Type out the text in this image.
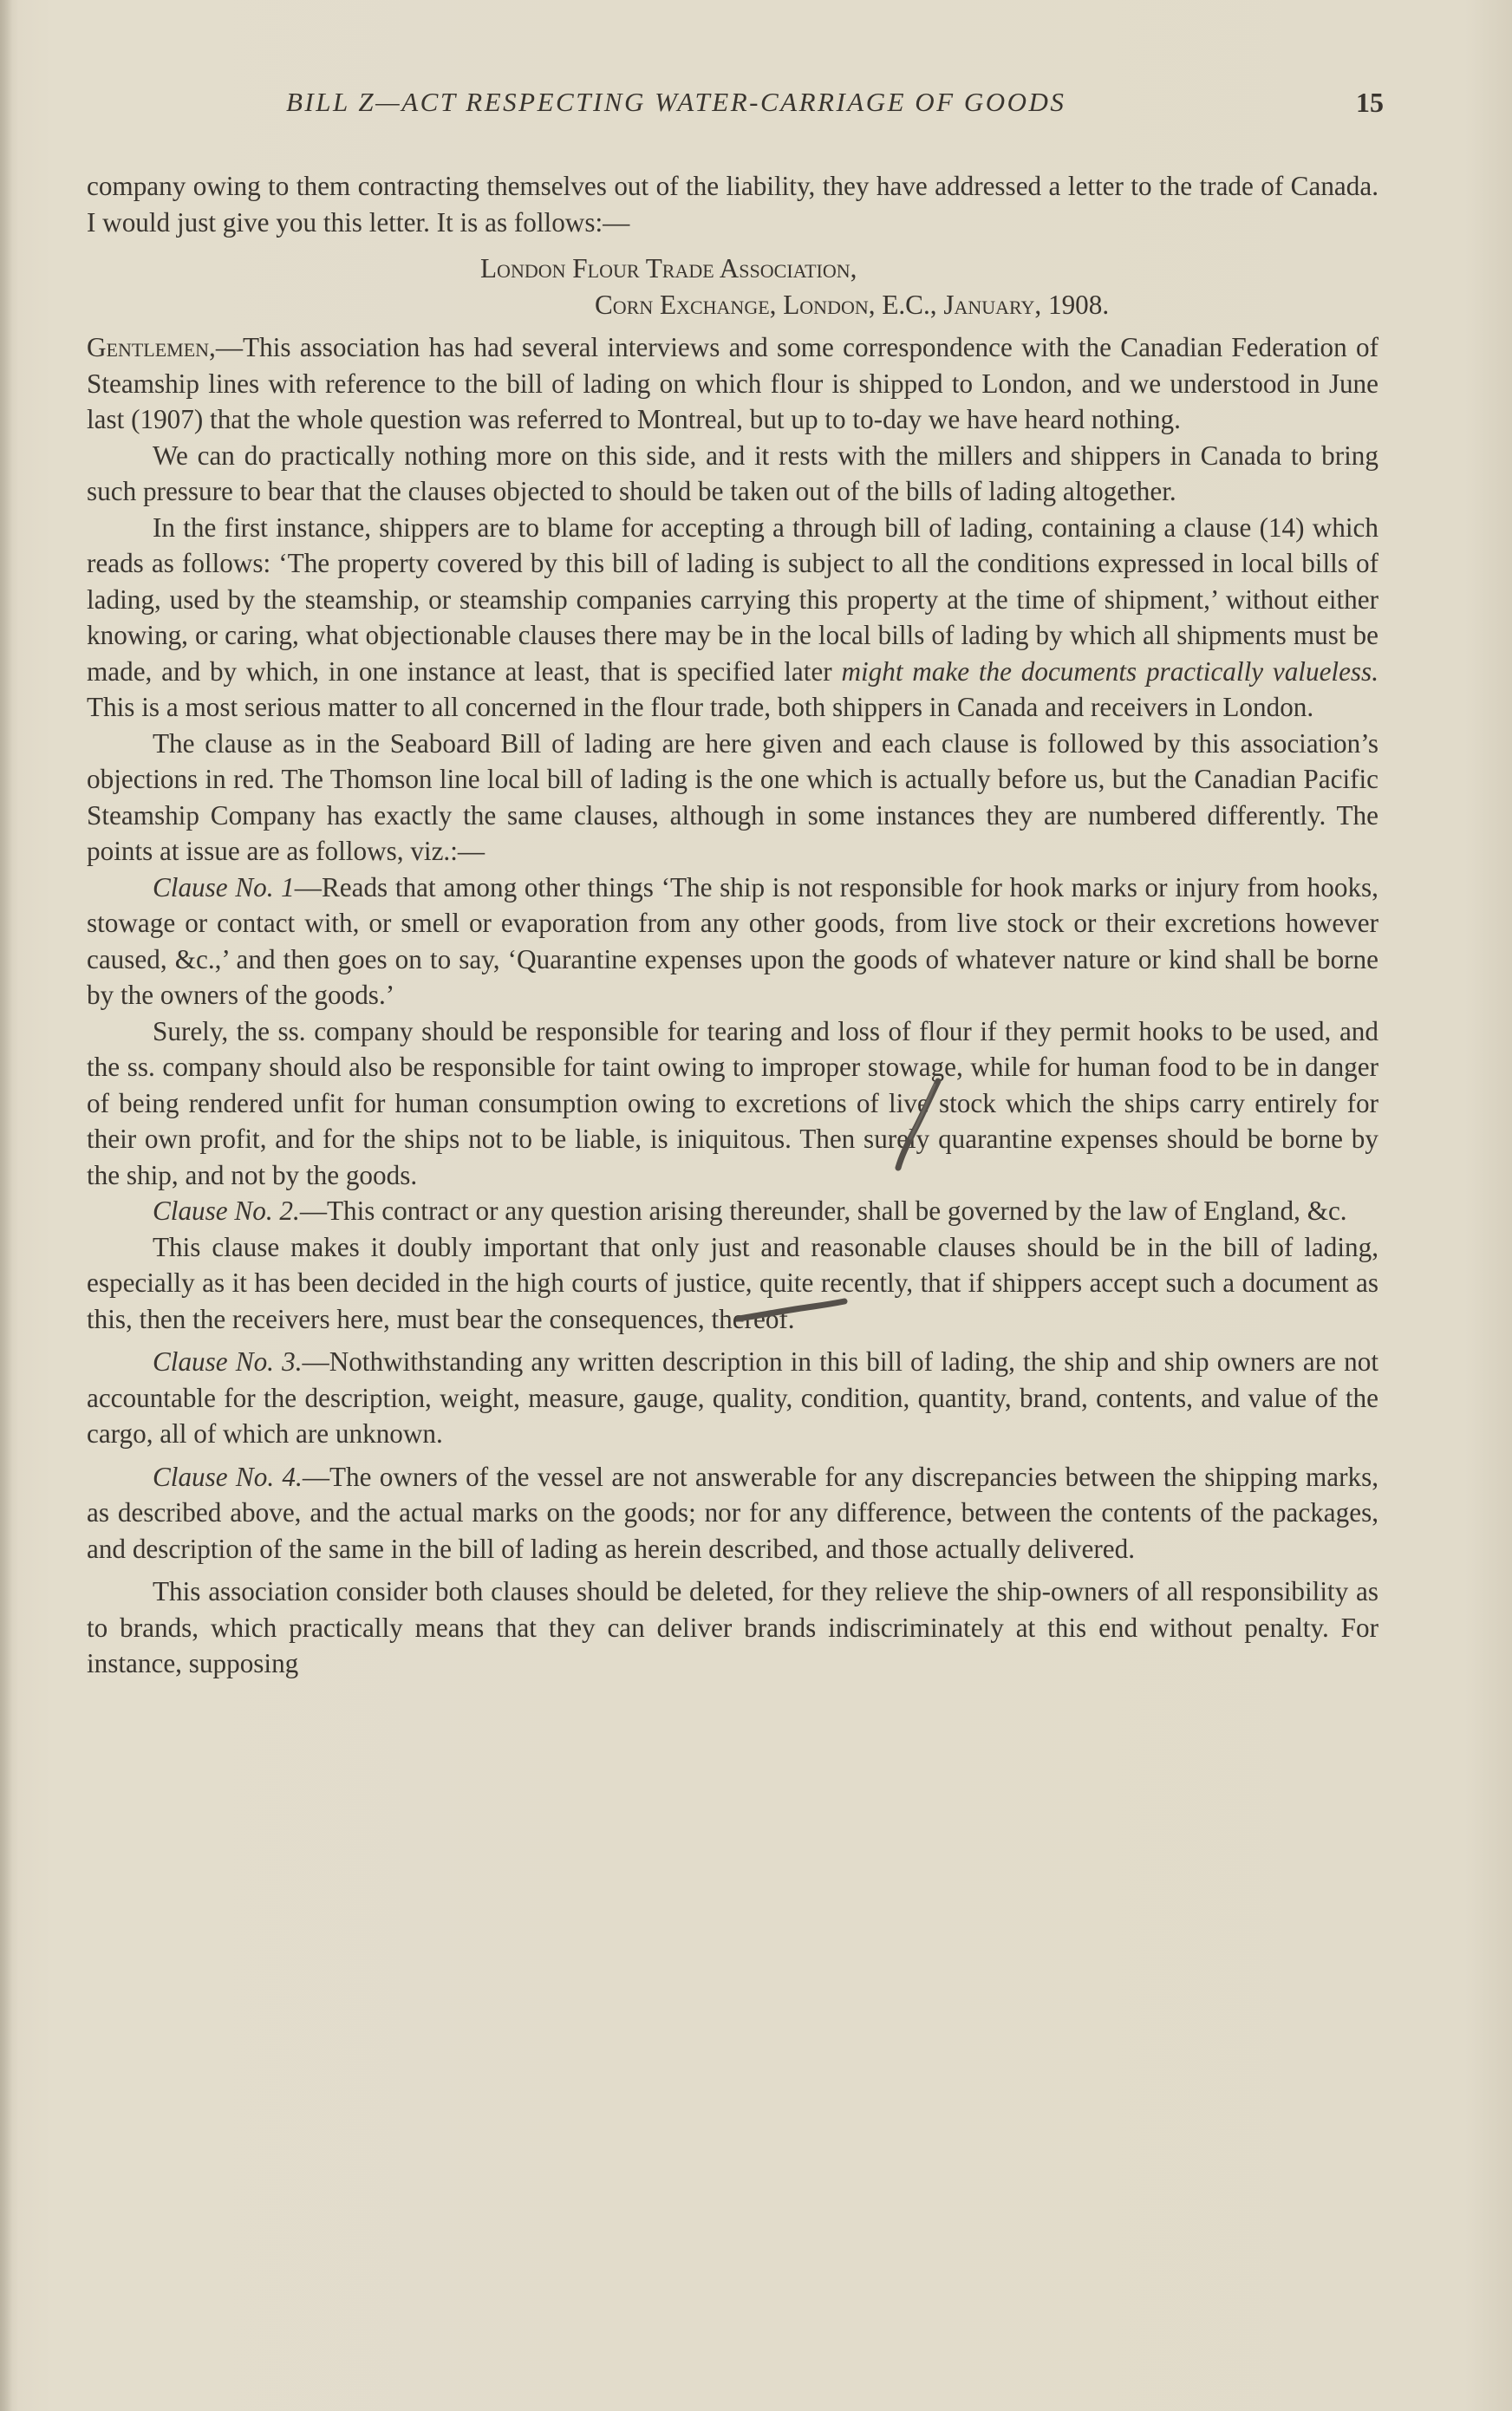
BILL Z—ACT RESPECTING WATER-CARRIAGE OF GOODS	15

company owing to them contracting themselves out of the liability, they have addressed a letter to the trade of Canada. I would just give you this letter. It is as follows:—

London Flour Trade Association,

Corn Exchange, London, E.C., January, 1908.

Gentlemen,—This association has had several interviews and some correspondence with the Canadian Federation of Steamship lines with reference to the bill of lading on which flour is shipped to London, and we understood in June last (1907) that the whole question was referred to Montreal, but up to to-day we have heard nothing.

We can do practically nothing more on this side, and it rests with the millers and shippers in Canada to bring such pressure to bear that the clauses objected to should be taken out of the bills of lading altogether.

In the first instance, shippers are to blame for accepting a through bill of lading, containing a clause (14) which reads as follows: ‘The property covered by this bill of lading is subject to all the conditions expressed in local bills of lading, used by the steamship, or steamship companies carrying this property at the time of shipment,’ without either knowing, or caring, what objectionable clauses there may be in the local bills of lading by which all shipments must be made, and by which, in one instance at least, that is specified later might make the documents practically valueless. This is a most serious matter to all concerned in the flour trade, both shippers in Canada and receivers in London.

The clause as in the Seaboard Bill of lading are here given and each clause is followed by this association’s objections in red. The Thomson line local bill of lading is the one which is actually before us, but the Canadian Pacific Steamship Company has exactly the same clauses, although in some instances they are numbered differently. The points at issue are as follows, viz.:—

Clause No. 1—Reads that among other things ‘The ship is not responsible for hook marks or injury from hooks, stowage or contact with, or smell or evaporation from any other goods, from live stock or their excretions however caused, &c.,’ and then goes on to say, ‘Quarantine expenses upon the goods of whatever nature or kind shall be borne by the owners of the goods.’

Surely, the ss. company should be responsible for tearing and loss of flour if they permit hooks to be used, and the ss. company should also be responsible for taint owing to improper stowage, while for human food to be in danger of being rendered unfit for human consumption owing to excretions of live stock which the ships carry entirely for their own profit, and for the ships not to be liable, is iniquitous. Then surely quarantine expenses should be borne by the ship, and not by the goods.

Clause No. 2.—This contract or any question arising thereunder, shall be governed by the law of England, &c.

This clause makes it doubly important that only just and reasonable clauses should be in the bill of lading, especially as it has been decided in the high courts of justice, quite recently, that if shippers accept such a document as this, then the receivers here, must bear the consequences, thereof.

Clause No. 3.—Nothwithstanding any written description in this bill of lading, the ship and ship owners are not accountable for the description, weight, measure, gauge, quality, condition, quantity, brand, contents, and value of the cargo, all of which are unknown.

Clause No. 4.—The owners of the vessel are not answerable for any discrepancies between the shipping marks, as described above, and the actual marks on the goods; nor for any difference, between the contents of the packages, and description of the same in the bill of lading as herein described, and those actually delivered.

This association consider both clauses should be deleted, for they relieve the ship-owners of all responsibility as to brands, which practically means that they can deliver brands indiscriminately at this end without penalty. For instance, supposing
